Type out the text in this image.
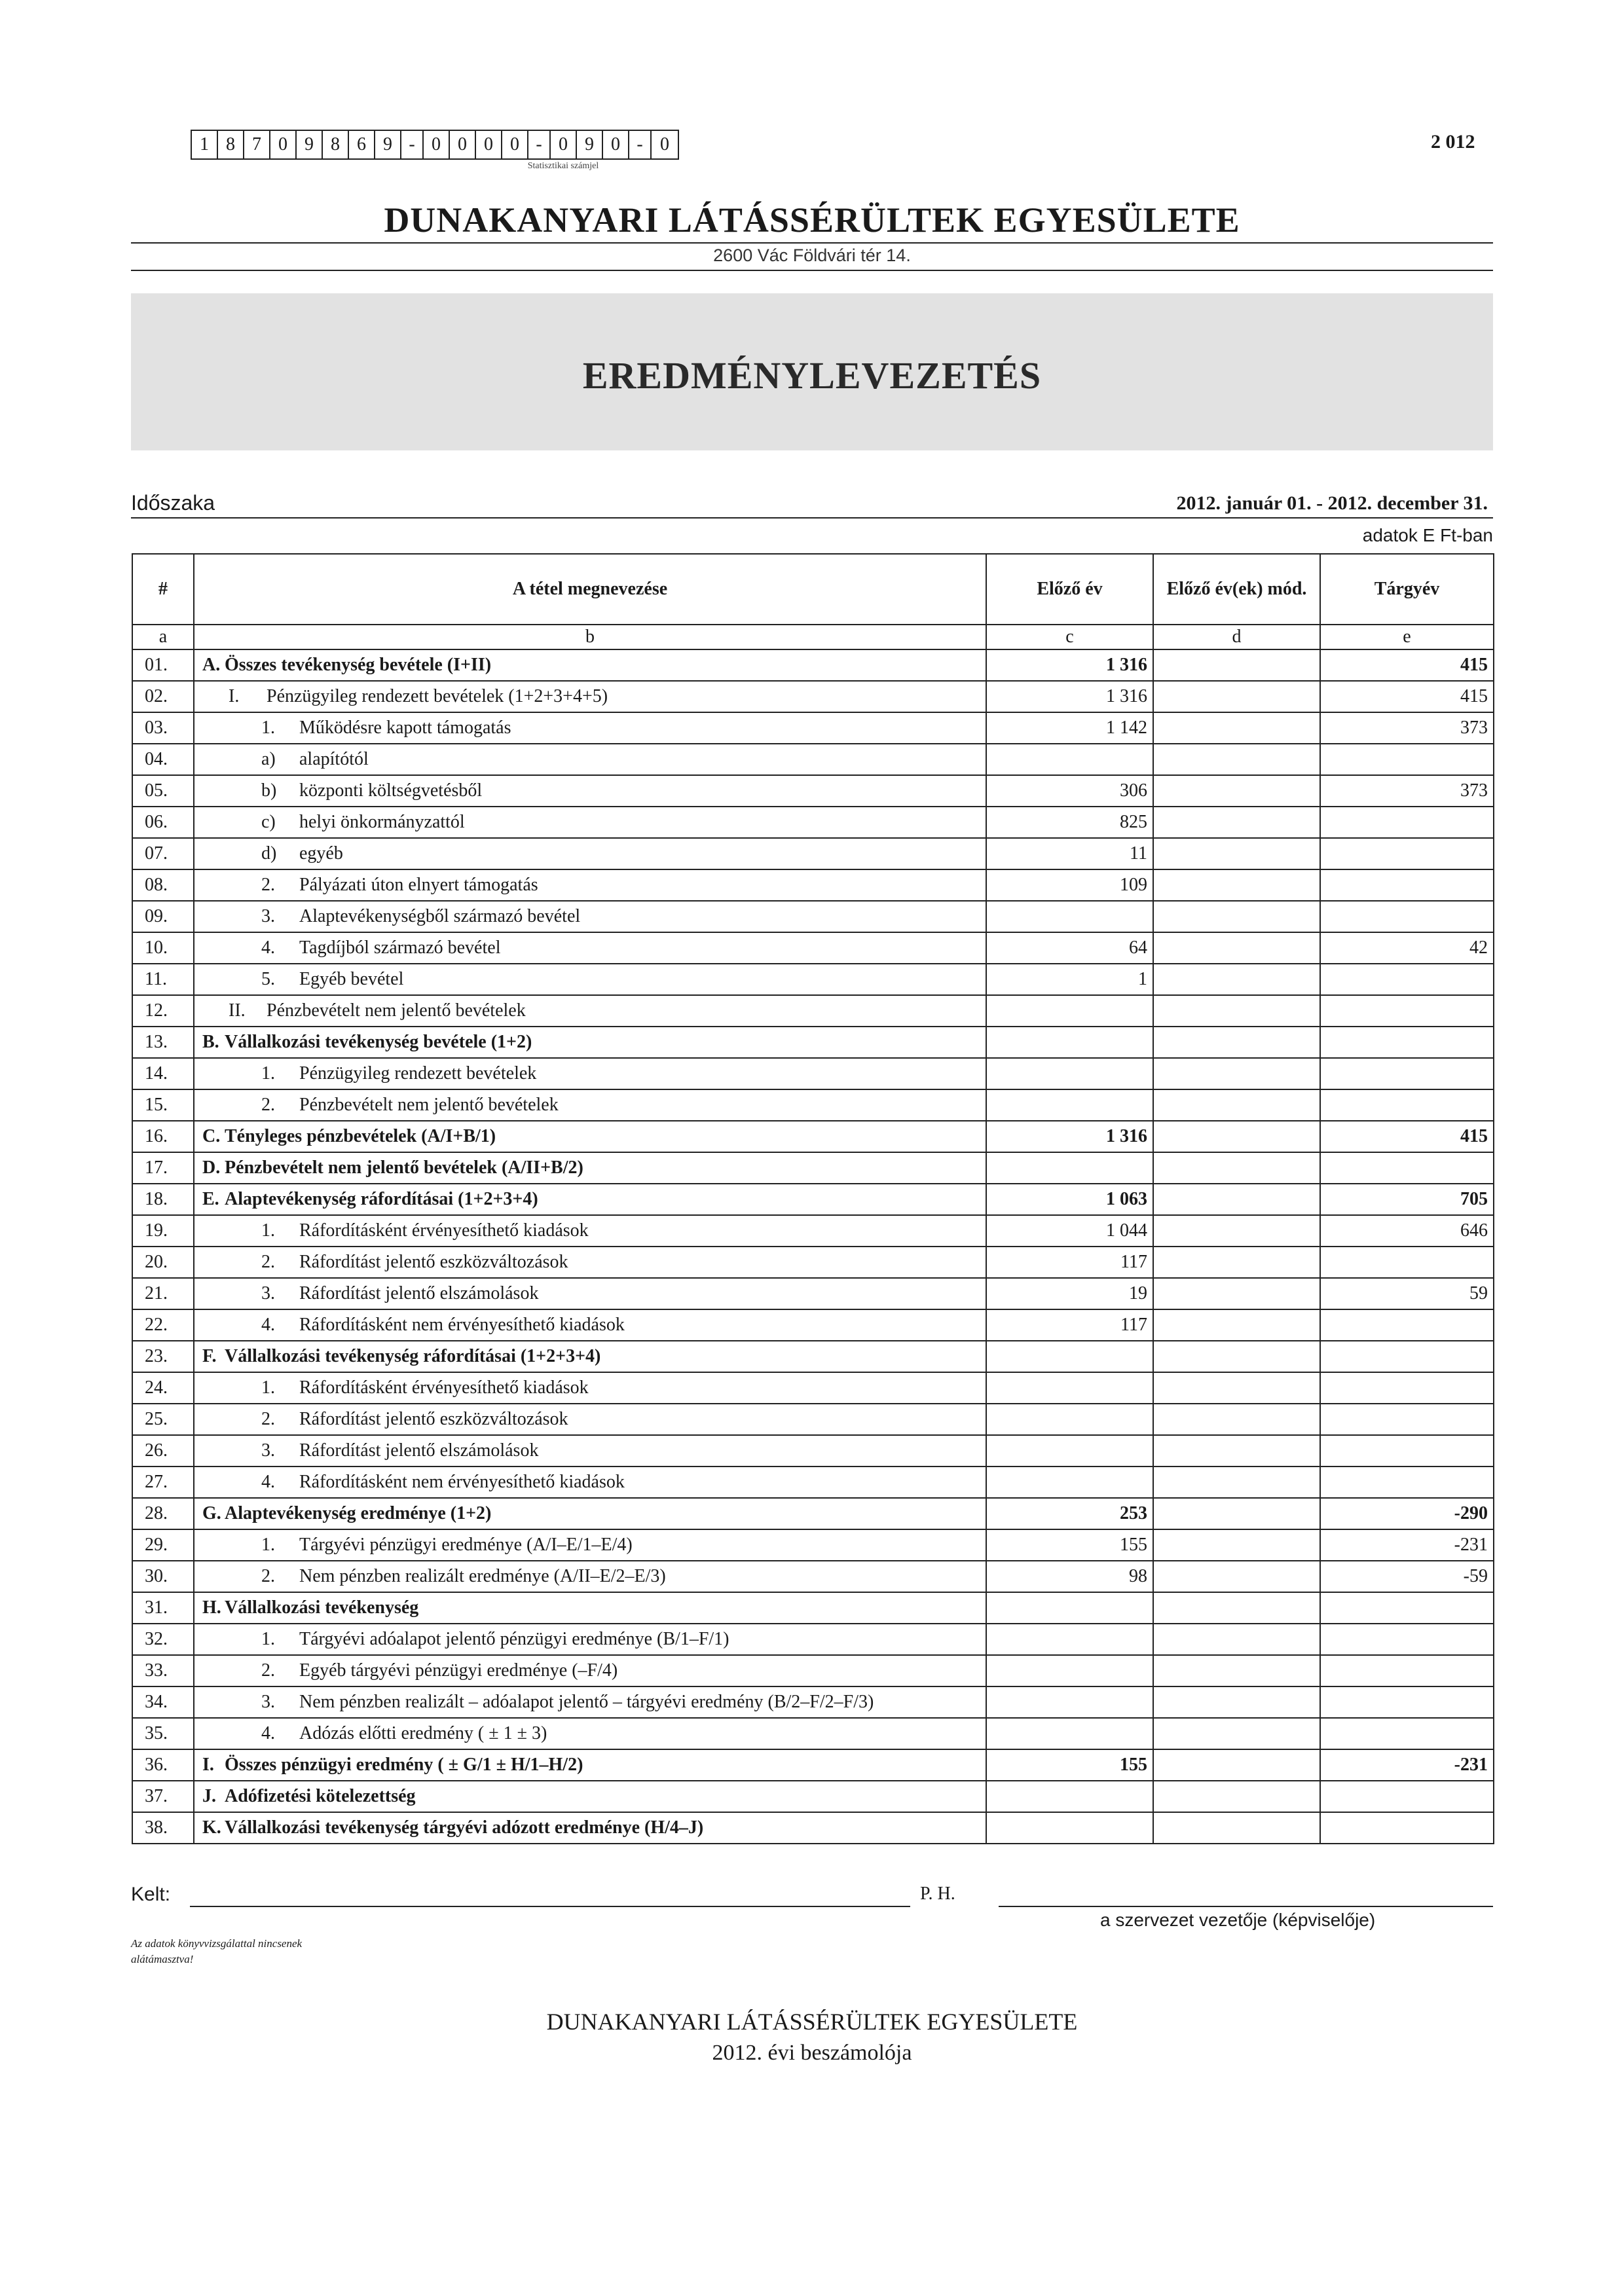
1 8 7 0 9 8 6 9 - 0 0 0 0 - 0 9 0 - 0
Statisztikai számjel
2 012
DUNAKANYARI LÁTÁSSÉRÜLTEK EGYESÜLETE
2600 Vác Földvári tér 14.
EREDMÉNYLEVEZETÉS
Időszaka	2012. január 01. - 2012. december 31.
adatok E Ft-ban
#	A tétel megnevezése	Előző év	Előző év(ek) mód.	Tárgyév
a	b	c	d	e
01.	A. Összes tevékenység bevétele (I+II)	1 316		415
02.	I. Pénzügyileg rendezett bevételek (1+2+3+4+5)	1 316		415
03.	1. Működésre kapott támogatás	1 142		373
04.	a) alapítótól			
05.	b) központi költségvetésből	306		373
06.	c) helyi önkormányzattól	825		
07.	d) egyéb	11		
08.	2. Pályázati úton elnyert támogatás	109		
09.	3. Alaptevékenységből származó bevétel			
10.	4. Tagdíjból származó bevétel	64		42
11.	5. Egyéb bevétel	1		
12.	II. Pénzbevételt nem jelentő bevételek			
13.	B. Vállalkozási tevékenység bevétele (1+2)			
14.	1. Pénzügyileg rendezett bevételek			
15.	2. Pénzbevételt nem jelentő bevételek			
16.	C. Tényleges pénzbevételek (A/I+B/1)	1 316		415
17.	D. Pénzbevételt nem jelentő bevételek (A/II+B/2)			
18.	E. Alaptevékenység ráfordításai (1+2+3+4)	1 063		705
19.	1. Ráfordításként érvényesíthető kiadások	1 044		646
20.	2. Ráfordítást jelentő eszközváltozások	117		
21.	3. Ráfordítást jelentő elszámolások	19		59
22.	4. Ráfordításként nem érvényesíthető kiadások	117		
23.	F. Vállalkozási tevékenység ráfordításai (1+2+3+4)			
24.	1. Ráfordításként érvényesíthető kiadások			
25.	2. Ráfordítást jelentő eszközváltozások			
26.	3. Ráfordítást jelentő elszámolások			
27.	4. Ráfordításként nem érvényesíthető kiadások			
28.	G. Alaptevékenység eredménye (1+2)	253		-290
29.	1. Tárgyévi pénzügyi eredménye (A/I–E/1–E/4)	155		-231
30.	2. Nem pénzben realizált eredménye (A/II–E/2–E/3)	98		-59
31.	H. Vállalkozási tevékenység			
32.	1. Tárgyévi adóalapot jelentő pénzügyi eredménye (B/1–F/1)			
33.	2. Egyéb tárgyévi pénzügyi eredménye (–F/4)			
34.	3. Nem pénzben realizált – adóalapot jelentő – tárgyévi eredmény (B/2–F/2–F/3)			
35.	4. Adózás előtti eredmény ( ± 1 ± 3)			
36.	I. Összes pénzügyi eredmény ( ± G/1 ± H/1–H/2)	155		-231
37.	J. Adófizetési kötelezettség			
38.	K. Vállalkozási tevékenység tárgyévi adózott eredménye (H/4–J)			
Kelt:	P. H.
a szervezet vezetője (képviselője)
Az adatok könyvvizsgálattal nincsenek alátámasztva!
DUNAKANYARI LÁTÁSSÉRÜLTEK EGYESÜLETE
2012. évi beszámolója
